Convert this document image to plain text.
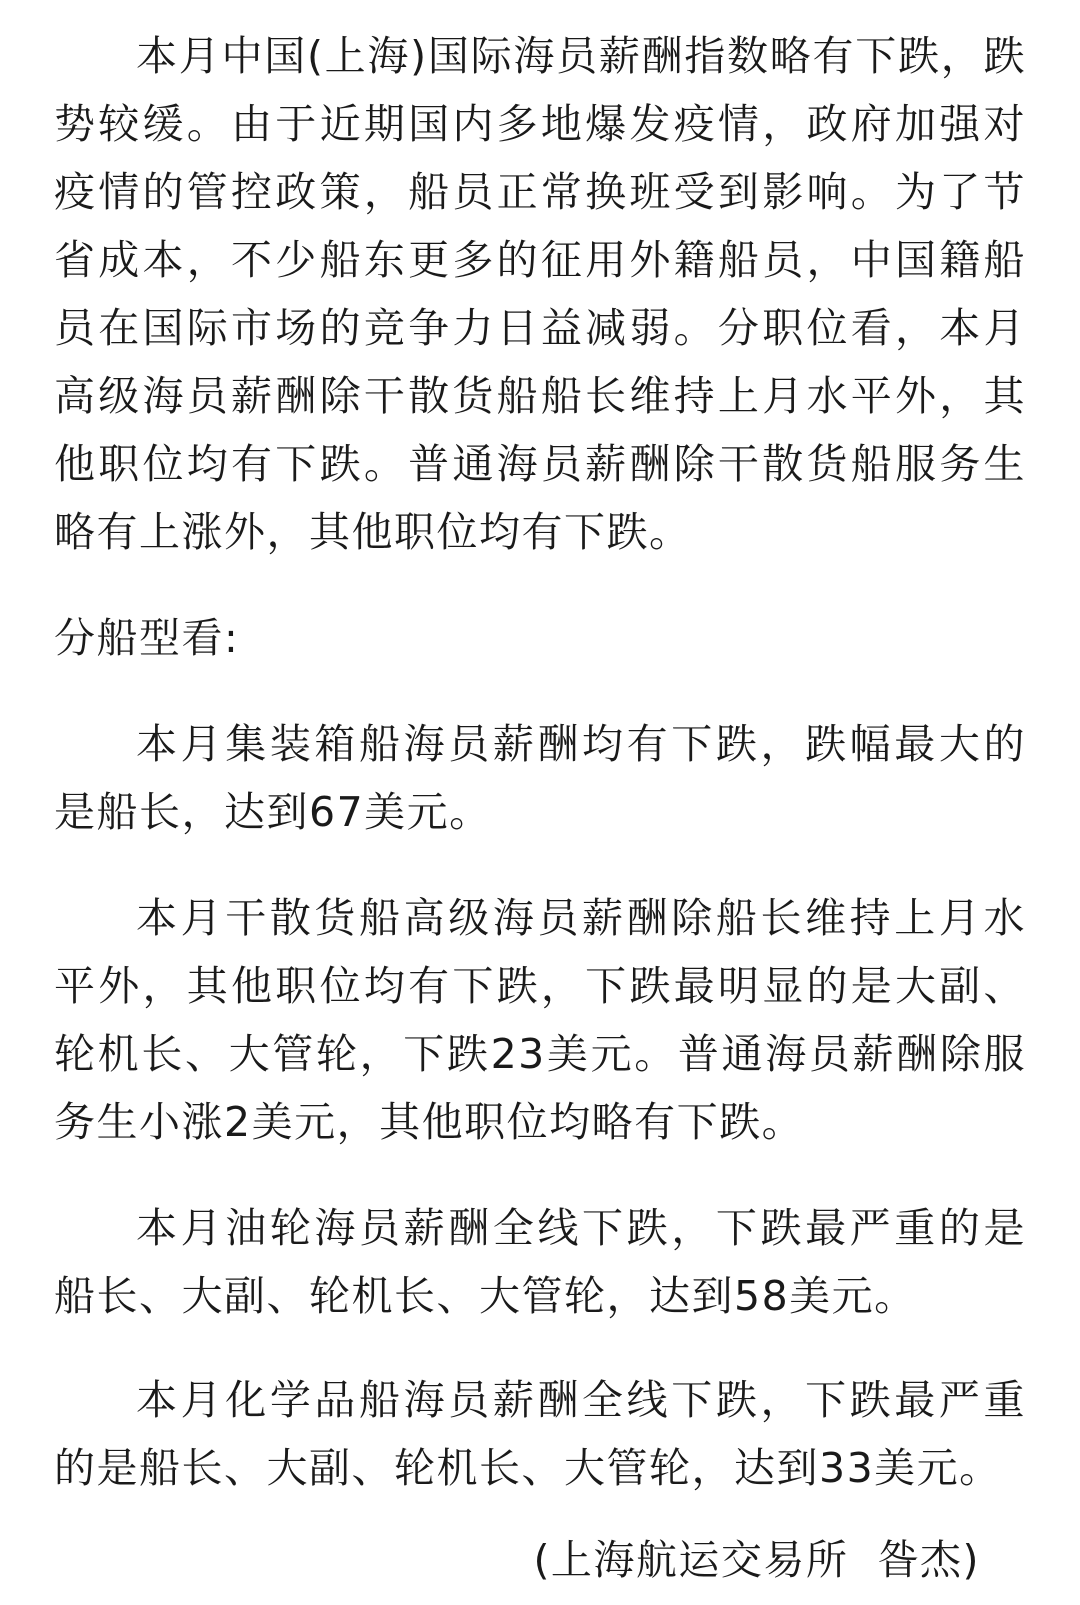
本月中国(上海)国际海员薪酬指数略有下跌，跌势较缓。由于近期国内多地爆发疫情，政府加强对疫情的管控政策，船员正常换班受到影响。为了节省成本，不少船东更多的征用外籍船员，中国籍船员在国际市场的竞争力日益减弱。分职位看，本月高级海员薪酬除干散货船船长维持上月水平外，其他职位均有下跌。普通海员薪酬除干散货船服务生略有上涨外，其他职位均有下跌。

分船型看:

本月集装箱船海员薪酬均有下跌，跌幅最大的是船长，达到67美元。

本月干散货船高级海员薪酬除船长维持上月水平外，其他职位均有下跌，下跌最明显的是大副、轮机长、大管轮，下跌23美元。普通海员薪酬除服务生小涨2美元，其他职位均略有下跌。

本月油轮海员薪酬全线下跌，下跌最严重的是船长、大副、轮机长、大管轮，达到58美元。

本月化学品船海员薪酬全线下跌，下跌最严重的是船长、大副、轮机长、大管轮，达到33美元。

(上海航运交易所  昝杰)
